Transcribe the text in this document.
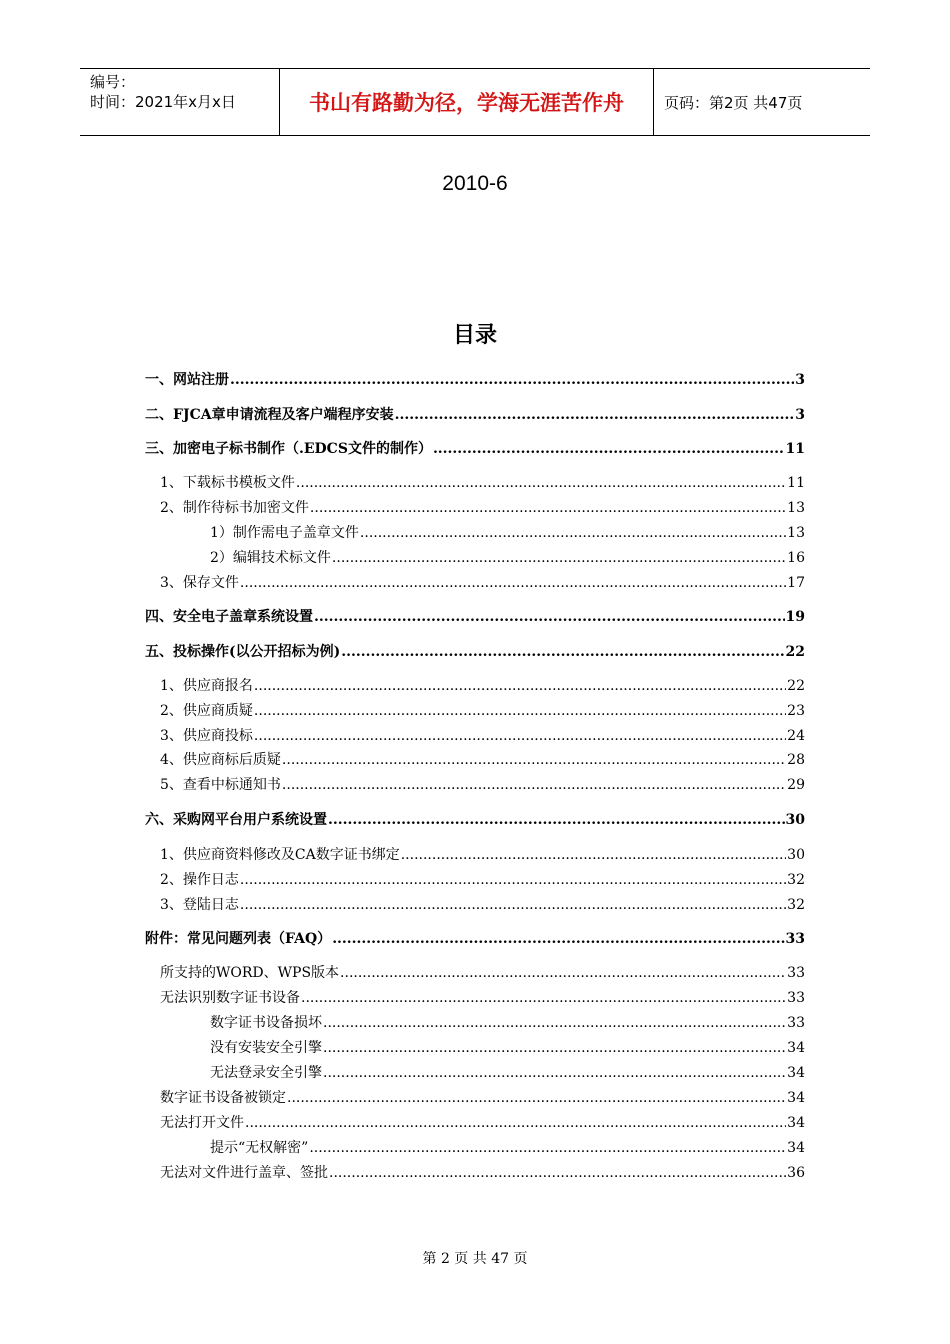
编号：
时间：2021年x月x日	书山有路勤为径，学海无涯苦作舟	页码：第2页 共47页
2010-6
目录
一、网站注册 .....	3
二、FJCA章申请流程及客户端程序安装 .....	3
三、加密电子标书制作（.EDCS文件的制作） .....	11
1、下载标书模板文件 .....	11
2、制作待标书加密文件 .....	13
1）制作需电子盖章文件 .....	13
2）编辑技术标文件 .....	16
3、保存文件 .....	17
四、安全电子盖章系统设置 .....	19
五、投标操作(以公开招标为例) .....	22
1、供应商报名 .....	22
2、供应商质疑 .....	23
3、供应商投标 .....	24
4、供应商标后质疑 .....	28
5、查看中标通知书 .....	29
六、采购网平台用户系统设置 .....	30
1、供应商资料修改及CA数字证书绑定 .....	30
2、操作日志 .....	32
3、登陆日志 .....	32
附件：常见问题列表（FAQ） .....	33
所支持的WORD、WPS版本 .....	33
无法识别数字证书设备 .....	33
数字证书设备损坏 .....	33
没有安装安全引擎 .....	34
无法登录安全引擎 .....	34
数字证书设备被锁定 .....	34
无法打开文件 .....	34
提示“无权解密” .....	34
无法对文件进行盖章、签批 .....	36
第 2 页 共 47 页
